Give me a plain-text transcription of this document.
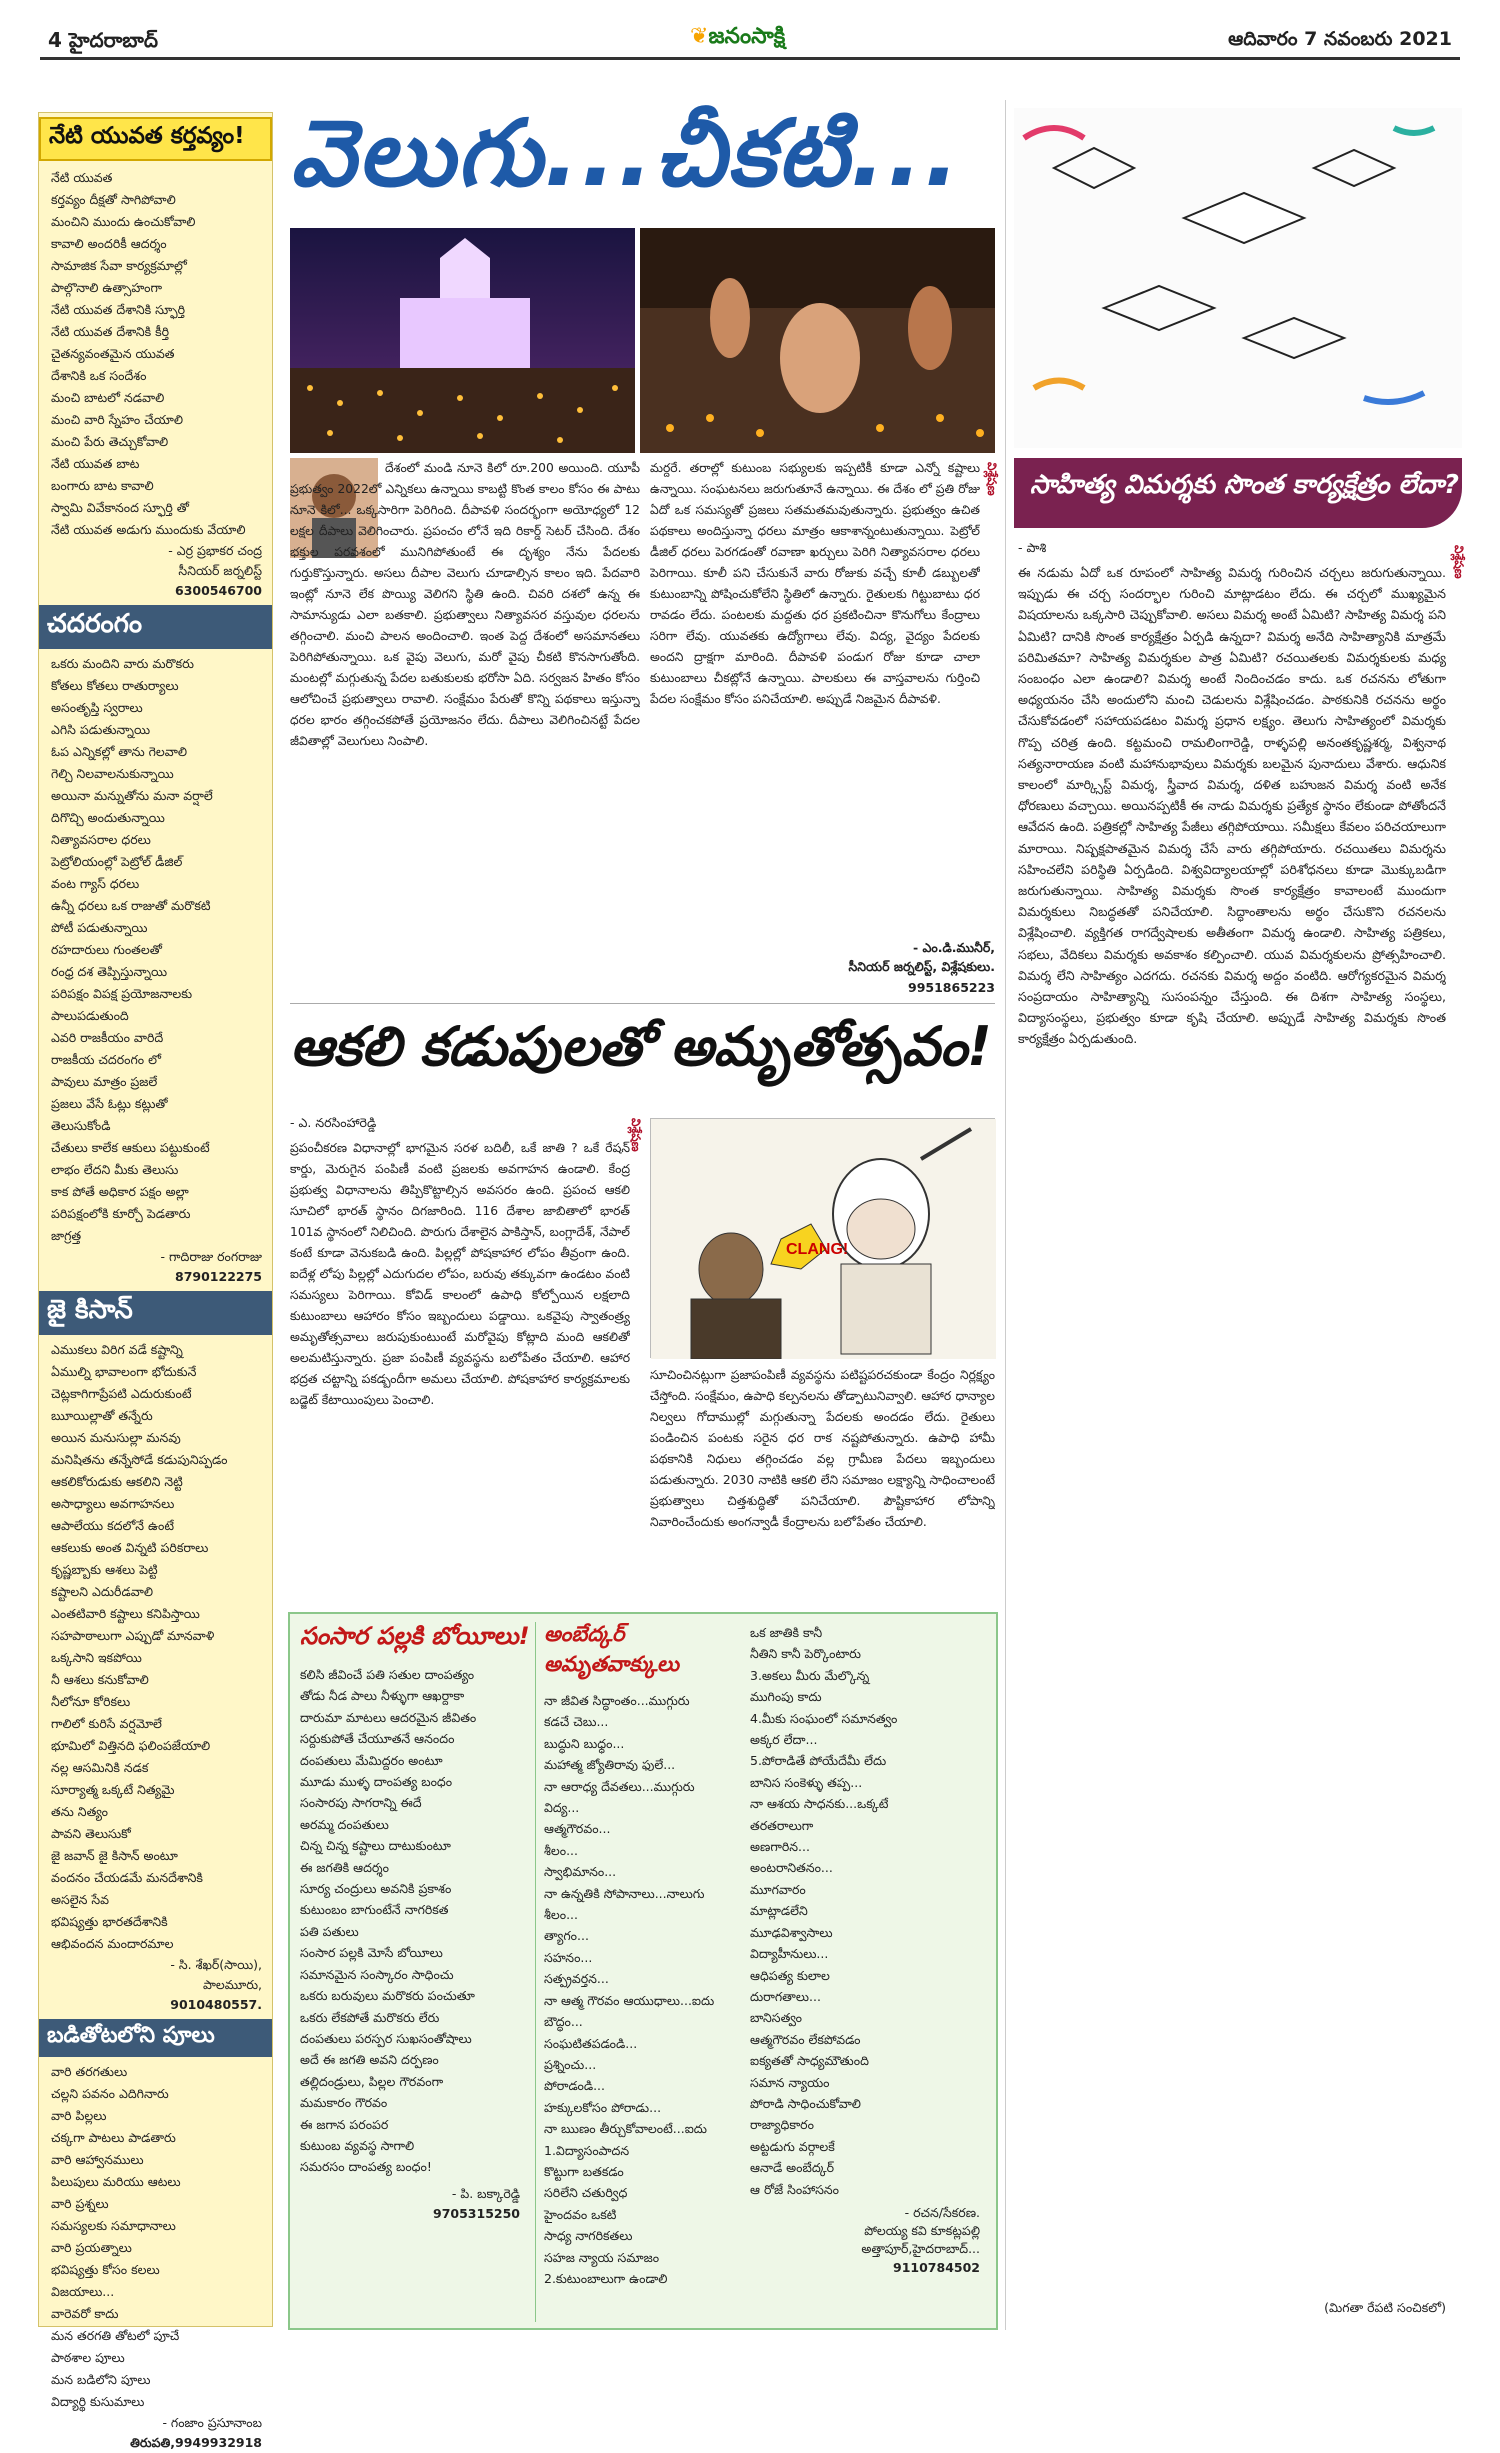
4 హైదరాబాద్	❦జనంసాక్షి	ఆదివారం 7 నవంబరు 2021
నేటి యువత కర్తవ్యం!
నేటి యువత
కర్తవ్యం దీక్షతో సాగిపోవాలి
మంచిని ముందు ఉంచుకోవాలి
కావాలి అందరికీ ఆదర్శం
సామాజిక సేవా కార్యక్రమాల్లో
పాల్గొనాలి ఉత్సాహంగా
నేటి యువత దేశానికి స్ఫూర్తి
నేటి యువత దేశానికి కీర్తి
చైతన్యవంతమైన యువత
దేశానికి ఒక సందేశం
మంచి బాటలో నడవాలి
మంచి వారి స్నేహం చేయాలి
మంచి పేరు తెచ్చుకోవాలి
నేటి యువత బాట
బంగారు బాట కావాలి
స్వామి వివేకానంద స్ఫూర్తి తో
నేటి యువత అడుగు ముందుకు వేయాలి
- ఎర్ర ప్రభాకర చంద్ర
సీనియర్ జర్నలిస్ట్
6300546700
చదరంగం
ఒకరు మందిని వారు మరొకరు
కోతలు కోతలు రాతుర్యాలు
అసంతృప్తి స్వరాలు
ఎగిసి పడుతున్నాయి
ఓప ఎన్నికల్లో తాను గెలవాలి
గెల్చి నిలవాలనుకున్నాయి
అయినా మన్నుతోను మనా వర్షాలే
దిగొచ్చి అందుతున్నాయి
నిత్యావసరాల ధరలు
పెట్రోలియంల్లో పెట్రోల్ డీజిల్
వంట గ్యాస్ ధరలు
ఉన్నీ ధరలు ఒక రాజుతో మరొకటి
పోటీ పడుతున్నాయి
రహదారులు గుంతలతో
రంధ్ర దశ తెప్పిస్తున్నాయి
పరిపక్షం విపక్ష ప్రయోజనాలకు
పాలుపడుతుంది
ఎవరి రాజకీయం వారిదే
రాజకీయ చదరంగం లో
పావులు మాత్రం ప్రజలే
ప్రజలు వేసే ఓట్లు కట్లుతో
తెలుసుకోండి
చేతులు కాలేక ఆకులు పట్టుకుంటే
లాభం లేదని మీకు తెలుసు
కాక పోతే అధికార పక్షం అల్లా
పరిపక్షంలోకి కూర్చో పెడతారు
జాగ్రత్త
- గాదిరాజు రంగరాజు
8790122275
జై కిసాన్
ఎముకలు విరిగ వడే కష్టాన్ని
ఏముల్ని భావాలంగా భోదుకునే
చెట్లకాగిగాప్రేపటి ఎదురుకుంటే
బుూయిల్లాతో తన్నేరు
అయిన మనుసుల్లా మనవు
మనిషితను తన్నేసోడే కడుపునిప్పడం
ఆకలికోరుడుకు ఆకలిని నెట్టి
అసాధ్యాలు అవగాహనలు
ఆపాలేయు కదలోనే ఉంటే
ఆకలుకు అంత విన్నటి పరికరాలు
కృష్ణబ్బాకు ఆశలు పెట్టి
కష్టాలని ఎదురీడవాలి
ఎంతటివారి కష్టాలు కనిపిస్తాయి
సహపాఠాలుగా ఎప్పుడో మానవాళి
ఒక్కసాని ఇకపోయి
నీ ఆశలు కనుకోవాలి
నీలోనూ కోరికలు
గాలిలో కురిసే వర్షమోలే
భూమిలో విత్తినది ఫలింపజేయాలి
నల్ల ఆసమినికి నడక
సూర్యాత్మ ఒక్కటే నిత్యమై
తను నిత్యం
పావని తెలుసుకో
జై జవాన్ జై కిసాన్ అంటూ
వందనం చేయడమే మనదేశానికి
అసలైన సేవ
భవిష్యత్తు భారతదేశానికి
ఆభివందన మందారమాల
- సి. శేఖర్(సాయి),
పాలమూరు,
9010480557.
బడితోటలోని పూలు
వారి తరగతులు
చల్లని పవనం ఎదిగినారు
వారి పిల్లలు
చక్కగా పాటలు పాడతారు
వారి ఆహ్వానములు
పిలుపులు మరియు ఆటలు
వారి ప్రశ్నలు
సమస్యలకు సమాధానాలు
వారి ప్రయత్నాలు
భవిష్యత్తు కోసం కలలు
విజయాలు...
వారెవరో కాదు
మన తరగతి తోటలో పూచే
పాఠశాల పూలు
మన బడిలోని పూలు
విద్యార్థి కుసుమాలు
- గంజాం ప్రసూనాంబ
తిరుపతి,9949932918
వెలుగు...చీకటి...
దేశంలో మండి నూనె కిలో రూ.200 అయింది. యూపీ ప్రభుత్వం 2022లో ఎన్నికలు ఉన్నాయి కాబట్టి కొంత కాలం కోసం ఈ పాటు నూనె కిలో... ఒక్కసారిగా పెరిగింది. దీపావళి సందర్భంగా అయోధ్యలో 12 లక్షల దీపాలు వెలిగించారు. ప్రపంచం లోనే ఇది రికార్డ్ సెటర్ చేసింది. దేశం భక్తుల పరవశంలో మునిగిపోతుంటే ఈ దృశ్యం నేను పేదలకు గుర్తుకొస్తున్నారు. అసలు దీపాల వెలుగు చూడాల్సిన కాలం ఇది. పేదవారి ఇంట్లో నూనె లేక పొయ్యి వెలిగని స్థితి ఉంది. చివరి దశలో ఉన్న ఈ సామాన్యుడు ఎలా బతకాలి. ప్రభుత్వాలు నిత్యావసర వస్తువుల ధరలను తగ్గించాలి. మంచి పాలన అందించాలి. ఇంత పెద్ద దేశంలో అసమానతలు పెరిగిపోతున్నాయి. ఒక వైపు వెలుగు, మరో వైపు చీకటి కొనసాగుతోంది. మంటల్లో మగ్గుతున్న పేదల బతుకులకు భరోసా ఏది. సర్వజన హితం కోసం ఆలోచించే ప్రభుత్వాలు రావాలి. సంక్షేమం పేరుతో కొన్ని పథకాలు ఇస్తున్నా ధరల భారం తగ్గించకపోతే ప్రయోజనం లేదు. దీపాలు వెలిగించినట్టే పేదల జీవితాల్లో వెలుగులు నింపాలి.
మర్దరే. తరాల్లో కుటుంబ సభ్యులకు ఇప్పటికీ కూడా ఎన్నో కష్టాలు ఉన్నాయి. సంఘటనలు జరుగుతూనే ఉన్నాయి. ఈ దేశం లో ప్రతి రోజు ఏదో ఒక సమస్యతో ప్రజలు సతమతమవుతున్నారు. ప్రభుత్వం ఉచిత పథకాలు అందిస్తున్నా ధరలు మాత్రం ఆకాశాన్నంటుతున్నాయి. పెట్రోల్ డీజిల్ ధరలు పెరగడంతో రవాణా ఖర్చులు పెరిగి నిత్యావసరాల ధరలు పెరిగాయి. కూలీ పని చేసుకునే వారు రోజుకు వచ్చే కూలీ డబ్బులతో కుటుంబాన్ని పోషించుకోలేని స్థితిలో ఉన్నారు. రైతులకు గిట్టుబాటు ధర రావడం లేదు. పంటలకు మద్దతు ధర ప్రకటించినా కొనుగోలు కేంద్రాలు సరిగా లేవు. యువతకు ఉద్యోగాలు లేవు. విద్య, వైద్యం పేదలకు అందని ద్రాక్షగా మారింది. దీపావళి పండుగ రోజు కూడా చాలా కుటుంబాలు చీకట్లోనే ఉన్నాయి. పాలకులు ఈ వాస్తవాలను గుర్తించి పేదల సంక్షేమం కోసం పనిచేయాలి. అప్పుడే నిజమైన దీపావళి.
విశ్లేషణ
- ఎం.డి.మునీర్,
సీనియర్ జర్నలిస్ట్, విశ్లేషకులు.
9951865223
ఆకలి కడుపులతో అమృతోత్సవం!
- ఎ. నరసింహారెడ్డి	విశ్లేషణ
ప్రపంచీకరణ విధానాల్లో భాగమైన సరళ బదిలీ, ఒకే జాతి ? ఒకే రేషన్ కార్డు, మెరుగైన పంపిణీ వంటి ప్రజలకు అవగాహన ఉండాలి. కేంద్ర ప్రభుత్వ విధానాలను తిప్పికొట్టాల్సిన అవసరం ఉంది. ప్రపంచ ఆకలి సూచిలో భారత్ స్థానం దిగజారింది. 116 దేశాల జాబితాలో భారత్ 101వ స్థానంలో నిలిచింది. పొరుగు దేశాలైన పాకిస్తాన్, బంగ్లాదేశ్, నేపాల్ కంటే కూడా వెనుకబడి ఉంది. పిల్లల్లో పోషకాహార లోపం తీవ్రంగా ఉంది. ఐదేళ్ల లోపు పిల్లల్లో ఎదుగుదల లోపం, బరువు తక్కువగా ఉండటం వంటి సమస్యలు పెరిగాయి. కోవిడ్ కాలంలో ఉపాధి కోల్పోయిన లక్షలాది కుటుంబాలు ఆహారం కోసం ఇబ్బందులు పడ్డాయి. ఒకవైపు స్వాతంత్ర్య అమృతోత్సవాలు జరుపుకుంటుంటే మరోవైపు కోట్లాది మంది ఆకలితో అలమటిస్తున్నారు. ప్రజా పంపిణీ వ్యవస్థను బలోపేతం చేయాలి. ఆహార భద్రత చట్టాన్ని పకడ్బందీగా అమలు చేయాలి. పోషకాహార కార్యక్రమాలకు బడ్జెట్ కేటాయింపులు పెంచాలి.
CLANG!
సూచించినట్లుగా ప్రజాపంపిణీ వ్యవస్థను పటిష్టపరచకుండా కేంద్రం నిర్లక్ష్యం చేస్తోంది. సంక్షేమం, ఉపాధి కల్పనలను తోడ్పాటునివ్వాలి. ఆహార ధాన్యాల నిల్వలు గోదాముల్లో మగ్గుతున్నా పేదలకు అందడం లేదు. రైతులు పండించిన పంటకు సరైన ధర రాక నష్టపోతున్నారు. ఉపాధి హామీ పథకానికి నిధులు తగ్గించడం వల్ల గ్రామీణ పేదలు ఇబ్బందులు పడుతున్నారు. 2030 నాటికి ఆకలి లేని సమాజం లక్ష్యాన్ని సాధించాలంటే ప్రభుత్వాలు చిత్తశుద్ధితో పనిచేయాలి. పౌష్టికాహార లోపాన్ని నివారించేందుకు అంగన్వాడీ కేంద్రాలను బలోపేతం చేయాలి.
సంసార పల్లకి బోయీలు!
కలిసి జీవించే పతి సతుల దాంపత్యం
తోడు నీడ పాలు నీళ్ళుగా ఆఖర్దాకా
దారుమా మాటలు ఆదరమైన జీవితం
సర్దుకుపోతే చేయూతనే ఆనందం
దంపతులు మేమిద్దరం అంటూ
మూడు ముళ్ళ దాంపత్య బంధం
సంసారపు సాగరాన్ని ఈదే
అరమ్మ దంపతులు
చిన్న చిన్న కష్టాలు దాటుకుంటూ
ఈ జగతికి ఆదర్శం
సూర్య చంద్రులు అవనికి ప్రకాశం
కుటుంబం బాగుంటేనే నాగరికత
పతి పతులు
సంసార పల్లకి మోసే బోయీలు
సమానమైన సంస్కారం సాధించు
ఒకరు బరువులు మరొకరు పంచుతూ
ఒకరు లేకపోతే మరొకరు లేరు
దంపతులు పరస్పర సుఖసంతోషాలు
అదే ఈ జగతి అవని దర్పణం
తల్లిదండ్రులు, పిల్లల గౌరవంగా
మమకారం గౌరవం
ఈ జగాన పరంపర
కుటుంబ వ్యవస్థ సాగాలి
సమరసం దాంపత్య బంధం!
- పి. బక్కారెడ్డి
9705315250
అంబేద్కర్ అమృతవాక్కులు
నా జీవిత సిద్ధాంతం...ముగ్గురు
కడచే చెబు...
బుద్ధుని బుధ్ధం...
మహాత్మ జ్యోతిరావు ఫులే...
నా ఆరాధ్య దేవతలు...ముగ్గురు
విద్య...
ఆత్మగౌరవం...
శీలం...
స్వాభిమానం...
నా ఉన్నతికి సోపానాలు...నాలుగు
శీలం...
త్యాగం...
సహనం...
సత్ప్రవర్తన...
నా ఆత్మ గౌరవం ఆయుధాలు...ఐదు
బౌద్ధం...
సంఘటితపడండి...
ప్రశ్నించు...
పోరాడండి...
హక్కులకోసం పోరాడు...
నా ఋణం తీర్చుకోవాలంటే...ఐదు
1.విద్యాసంపాదన
కొట్టుగా బతకడం
సరిలేని చతుర్విధ
హైందవం ఒకటి
సాధ్య నాగరికతలు
సహజ న్యాయ సమాజం
2.కుటుంబాలుగా ఉండాలి
ఒక జాతికి కానీ
నీతిని కానీ పెర్కొంటారు
3.అకలు మీరు మేల్కొన్న
ముగింపు కాదు
4.మీకు సంఘంలో సమానత్వం
అక్కర లేదా...
5.పోరాడితే పోయేదేమీ లేదు
బానిస సంకెళ్ళు తప్ప...
నా ఆశయ సాధనకు...ఒక్కటే
తరతరాలుగా
అణగారిన...
అంటరానితనం...
మూగవారం
మాట్లాడలేని
మూఢవిశ్వాసాలు
విద్యాహీనులు...
ఆధిపత్య కులాల
దురాగతాలు...
బానిసత్వం
ఆత్మగౌరవం లేకపోవడం
ఐక్యతతో సాధ్యమౌతుంది
సమాన న్యాయం
పోరాడి సాధించుకోవాలి
రాజ్యాధికారం
అట్టడుగు వర్గాలకే
ఆనాడే అంబేద్కర్
ఆ రోజే సింహాసనం
- రచన/సేకరణ.
పోలయ్య కవి కూకట్లపల్లి
అత్తాపూర్,హైదరాబాద్...
9110784502
సాహిత్య విమర్శకు సొంత కార్యక్షేత్రం లేదా?
- పాశి	విశ్లేషణ
ఈ నడుమ ఏదో ఒక రూపంలో సాహిత్య విమర్శ గురించిన చర్చలు జరుగుతున్నాయి. ఇప్పుడు ఈ చర్చ సందర్భాల గురించి మాట్లాడటం లేదు. ఈ చర్చలో ముఖ్యమైన విషయాలను ఒక్కసారి చెప్పుకోవాలి. అసలు విమర్శ అంటే ఏమిటి? సాహిత్య విమర్శ పని ఏమిటి? దానికి సొంత కార్యక్షేత్రం ఏర్పడి ఉన్నదా? విమర్శ అనేది సాహిత్యానికి మాత్రమే పరిమితమా? సాహిత్య విమర్శకుల పాత్ర ఏమిటి? రచయితలకు విమర్శకులకు మధ్య సంబంధం ఎలా ఉండాలి? విమర్శ అంటే నిందించడం కాదు. ఒక రచనను లోతుగా అధ్యయనం చేసి అందులోని మంచి చెడులను విశ్లేషించడం. పాఠకునికి రచనను అర్థం చేసుకోవడంలో సహాయపడటం విమర్శ ప్రధాన లక్ష్యం. తెలుగు సాహిత్యంలో విమర్శకు గొప్ప చరిత్ర ఉంది. కట్టమంచి రామలింగారెడ్డి, రాళ్ళపల్లి అనంతకృష్ణశర్మ, విశ్వనాథ సత్యనారాయణ వంటి మహానుభావులు విమర్శకు బలమైన పునాదులు వేశారు. ఆధునిక కాలంలో మార్క్సిస్ట్ విమర్శ, స్త్రీవాద విమర్శ, దళిత బహుజన విమర్శ వంటి అనేక ధోరణులు వచ్చాయి. అయినప్పటికీ ఈ నాడు విమర్శకు ప్రత్యేక స్థానం లేకుండా పోతోందనే ఆవేదన ఉంది. పత్రికల్లో సాహిత్య పేజీలు తగ్గిపోయాయి. సమీక్షలు కేవలం పరిచయాలుగా మారాయి. నిష్పక్షపాతమైన విమర్శ చేసే వారు తగ్గిపోయారు. రచయితలు విమర్శను సహించలేని పరిస్థితి ఏర్పడింది. విశ్వవిద్యాలయాల్లో పరిశోధనలు కూడా మొక్కుబడిగా జరుగుతున్నాయి. సాహిత్య విమర్శకు సొంత కార్యక్షేత్రం కావాలంటే ముందుగా విమర్శకులు నిబద్ధతతో పనిచేయాలి. సిద్ధాంతాలను అర్థం చేసుకొని రచనలను విశ్లేషించాలి. వ్యక్తిగత రాగద్వేషాలకు అతీతంగా విమర్శ ఉండాలి. సాహిత్య పత్రికలు, సభలు, వేదికలు విమర్శకు అవకాశం కల్పించాలి. యువ విమర్శకులను ప్రోత్సహించాలి. విమర్శ లేని సాహిత్యం ఎదగదు. రచనకు విమర్శ అద్దం వంటిది. ఆరోగ్యకరమైన విమర్శ సంప్రదాయం సాహిత్యాన్ని సుసంపన్నం చేస్తుంది. ఈ దిశగా సాహిత్య సంస్థలు, విద్యాసంస్థలు, ప్రభుత్వం కూడా కృషి చేయాలి. అప్పుడే సాహిత్య విమర్శకు సొంత కార్యక్షేత్రం ఏర్పడుతుంది.
(మిగతా రేపటి సంచికలో)
